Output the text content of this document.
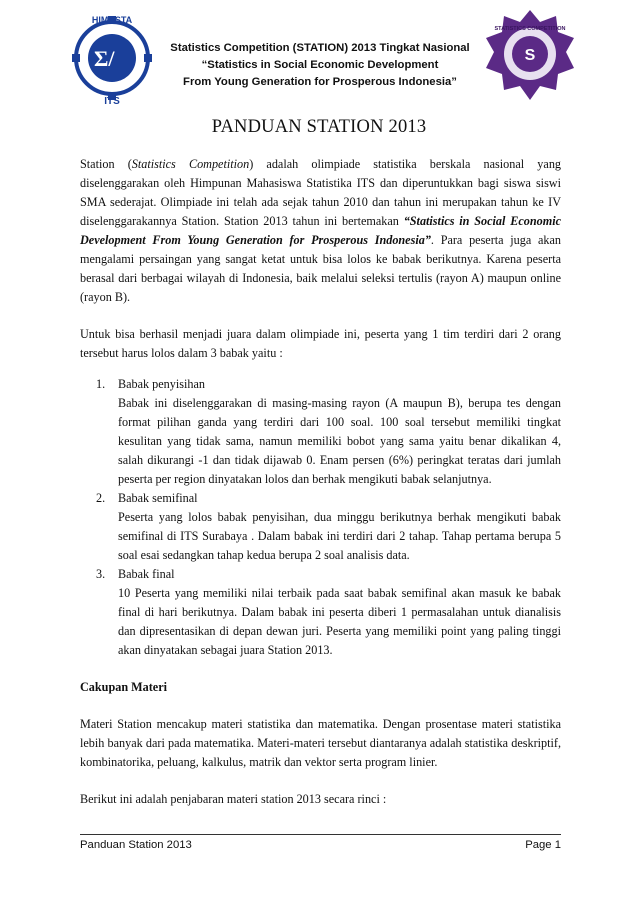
Σ/
HIMASTA
ITS
Statistics Competition (STATION) 2013 Tingkat Nasional
“Statistics in Social Economic Development
From Young Generation for Prosperous Indonesia”
S
STATISTICS COMPETITION
PANDUAN STATION 2013

Station (Statistics Competition) adalah olimpiade statistika berskala nasional yang diselenggarakan oleh Himpunan Mahasiswa Statistika ITS dan diperuntukkan bagi siswa siswi SMA sederajat. Olimpiade ini telah ada sejak tahun 2010 dan tahun ini merupakan tahun ke IV diselenggarakannya Station. Station 2013 tahun ini bertemakan “Statistics in Social Economic Development From Young Generation for Prosperous Indonesia”. Para peserta juga akan mengalami persaingan yang sangat ketat untuk bisa lolos ke babak berikutnya. Karena peserta berasal dari berbagai wilayah di Indonesia, baik melalui seleksi tertulis (rayon A) maupun online (rayon B).

Untuk bisa berhasil menjadi juara dalam olimpiade ini, peserta yang 1 tim terdiri dari 2 orang tersebut harus lolos dalam 3 babak yaitu :

1. Babak penyisihan
Babak ini diselenggarakan di masing-masing rayon (A maupun B), berupa tes dengan format pilihan ganda yang terdiri dari 100 soal. 100 soal tersebut memiliki tingkat kesulitan yang tidak sama, namun memiliki bobot yang sama yaitu benar dikalikan 4, salah dikurangi -1 dan tidak dijawab 0. Enam persen (6%) peringkat teratas dari jumlah peserta per region dinyatakan lolos dan berhak mengikuti babak selanjutnya.
2. Babak semifinal
Peserta yang lolos babak penyisihan, dua minggu berikutnya berhak mengikuti babak semifinal di ITS Surabaya . Dalam babak ini terdiri dari 2 tahap. Tahap pertama berupa 5 soal esai sedangkan tahap kedua berupa 2 soal analisis data.
3. Babak final
10 Peserta yang memiliki nilai terbaik pada saat babak semifinal akan masuk ke babak final di hari berikutnya. Dalam babak ini peserta diberi 1 permasalahan untuk dianalisis dan dipresentasikan di depan dewan juri. Peserta yang memiliki point yang paling tinggi akan dinyatakan sebagai juara Station 2013.
Cakupan Materi

Materi Station mencakup materi statistika dan matematika. Dengan prosentase materi statistika lebih banyak dari pada matematika. Materi-materi tersebut diantaranya adalah statistika deskriptif, kombinatorika, peluang, kalkulus, matrik dan vektor serta program linier.

Berikut ini adalah penjabaran materi station 2013 secara rinci :

Panduan Station 2013	Page 1
